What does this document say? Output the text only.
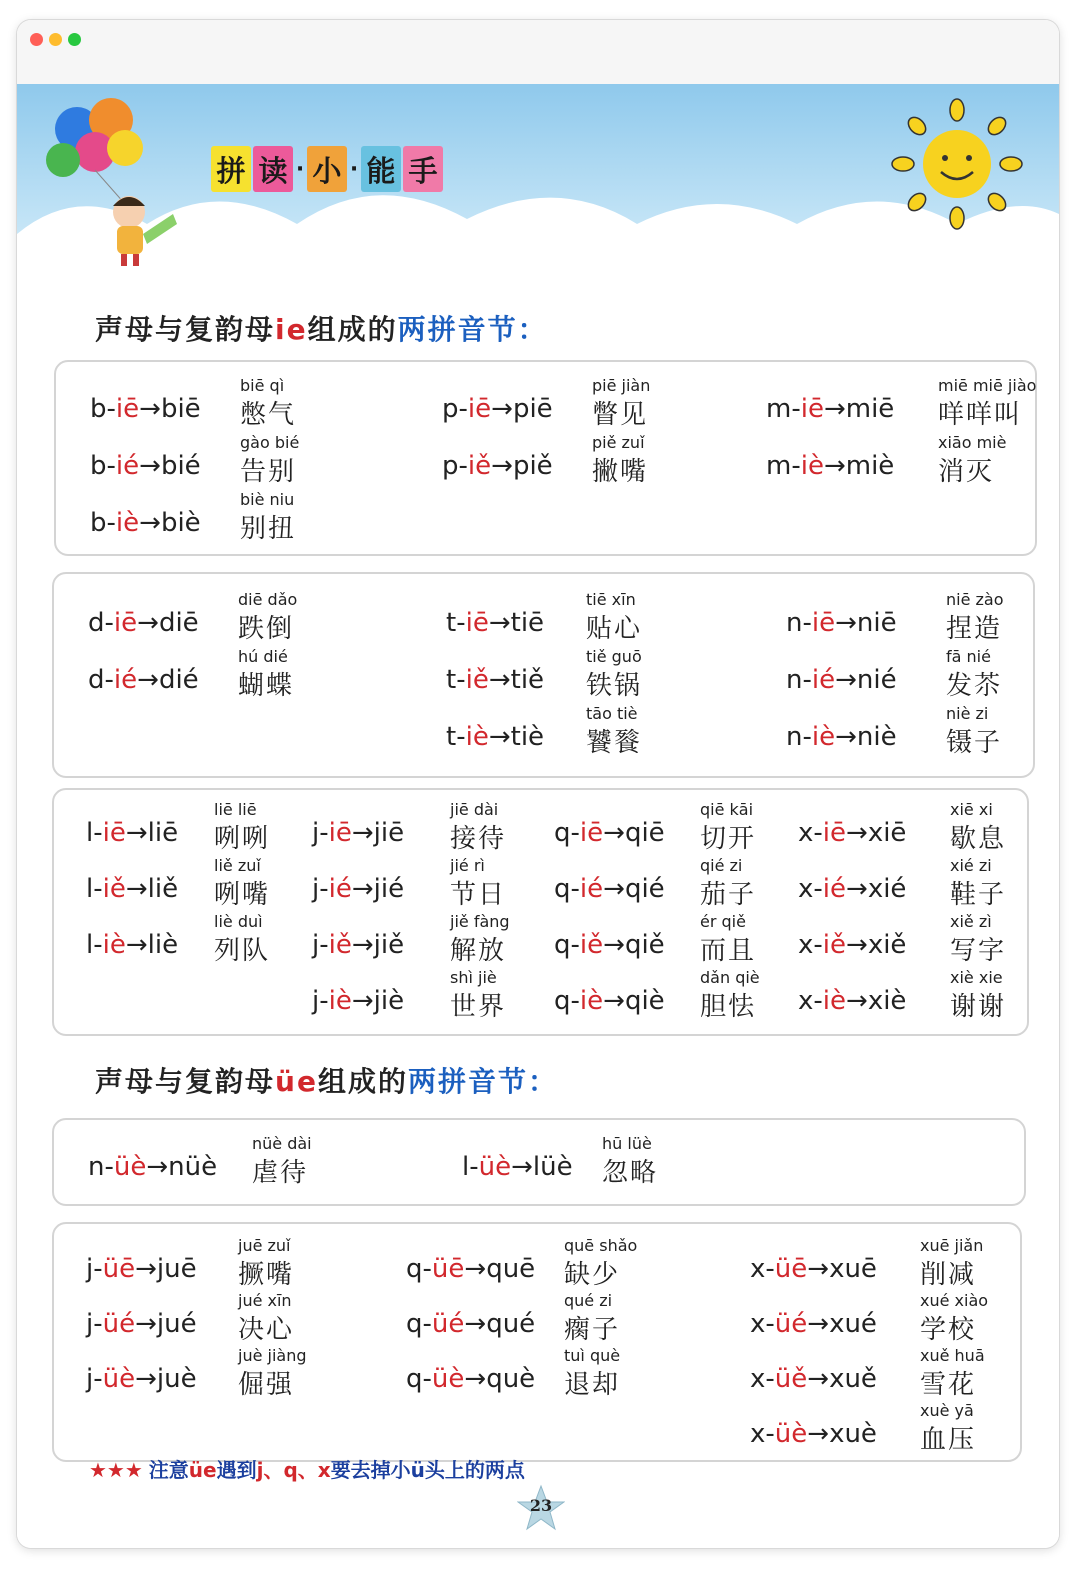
拼 读 · 小 · 能 手
声母与复韵母ie组成的两拼音节：
b-iē→biē
biē qì
憋气
b-ié→bié
gào bié
告别
b-iè→biè
biè niu
别扭
p-iē→piē
piē jiàn
瞥见
p-iě→piě
piě zuǐ
撇嘴
m-iē→miē
miē miē jiào
咩咩叫
m-iè→miè
xiāo miè
消灭
d-iē→diē
diē dǎo
跌倒
d-ié→dié
hú dié
蝴蝶
t-iē→tiē
tiē xīn
贴心
t-iě→tiě
tiě guō
铁锅
t-iè→tiè
tāo tiè
饕餮
n-iē→niē
niē zào
捏造
n-ié→nié
fā nié
发苶
n-iè→niè
niè zi
镊子
l-iē→liē
liē liē
咧咧
l-iě→liě
liě zuǐ
咧嘴
l-iè→liè
liè duì
列队
j-iē→jiē
jiē dài
接待
j-ié→jié
jié rì
节日
j-iě→jiě
jiě fàng
解放
j-iè→jiè
shì jiè
世界
q-iē→qiē
qiē kāi
切开
q-ié→qié
qié zi
茄子
q-iě→qiě
ér qiě
而且
q-iè→qiè
dǎn qiè
胆怯
x-iē→xiē
xiē xi
歇息
x-ié→xié
xié zi
鞋子
x-iě→xiě
xiě zì
写字
x-iè→xiè
xiè xie
谢谢
声母与复韵母üe组成的两拼音节：
n-üè→nüè
nüè dài
虐待	l-üè→lüè
hū lüè
忽略
j-üē→juē
juē zuǐ
撅嘴
j-üé→jué
jué xīn
决心
j-üè→juè
juè jiàng
倔强
q-üē→quē
quē shǎo
缺少
q-üé→qué
qué zi
瘸子
q-üè→què
tuì què
退却
x-üē→xuē
xuē jiǎn
削减
x-üé→xué
xué xiào
学校
x-üě→xuě
xuě huā
雪花
x-üè→xuè
xuè yā
血压
★★★ 注意üe遇到j、q、x要去掉小ü头上的两点
23
